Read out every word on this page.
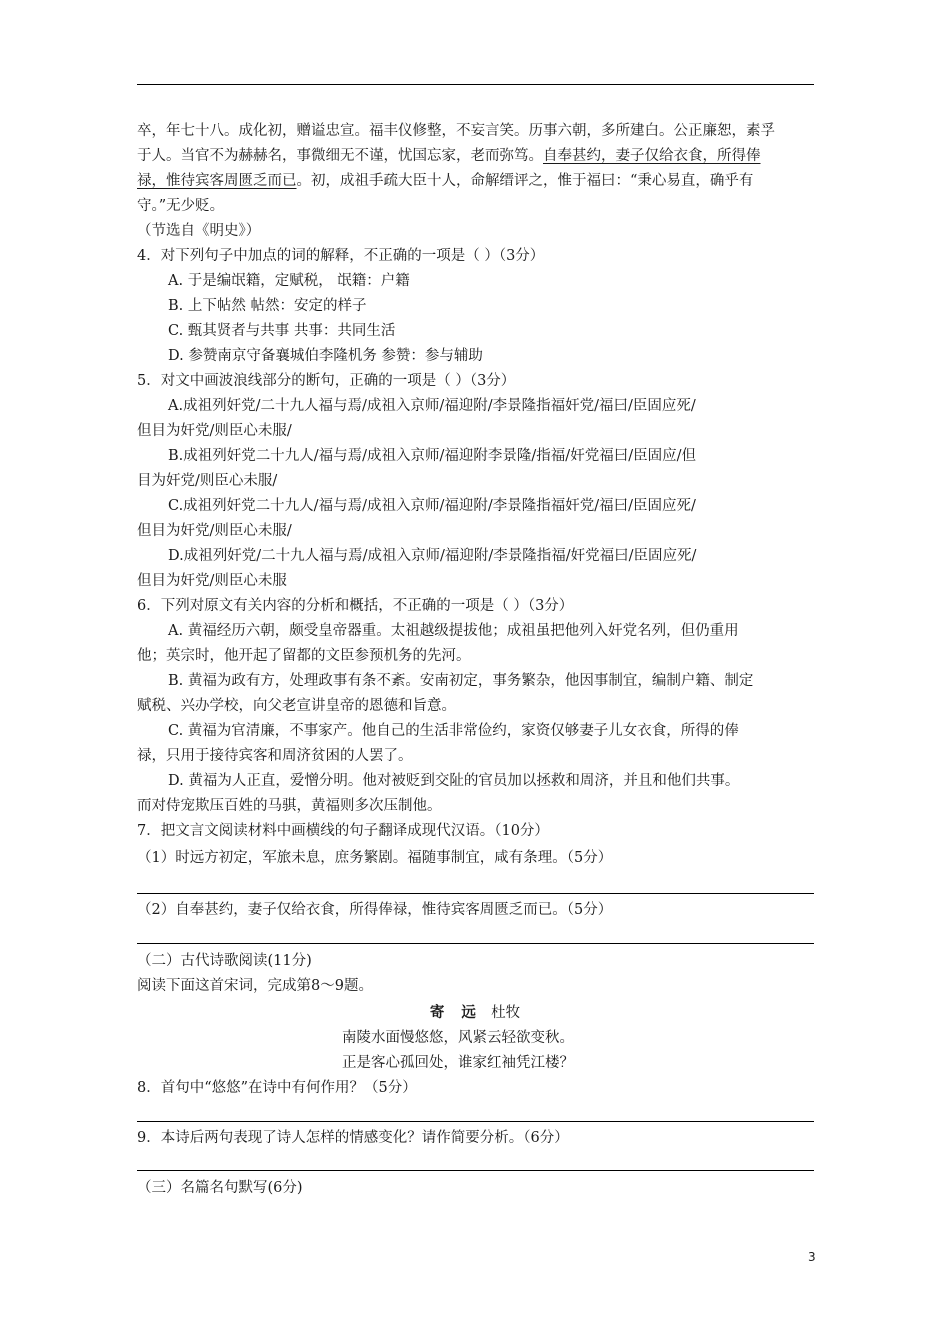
卒，年七十八。成化初，赠谥忠宣。福丰仪修整，不妄言笑。历事六朝，多所建白。公正廉恕，素孚
于人。当官不为赫赫名，事微细无不谨，忧国忘家，老而弥笃。自奉甚约，妻子仅给衣食，所得俸
禄，惟待宾客周匮乏而已。初，成祖手疏大臣十人，命解缙评之，惟于福曰：“秉心易直，确乎有
守。”无少贬。
（节选自《明史》）
4．对下列句子中加点的词的解释，不正确的一项是（ ）（3分）
A. 于是编氓籍，定赋税， 氓籍：户籍
B. 上下帖然 帖然：安定的样子
C. 甄其贤者与共事 共事：共同生活
D. 参赞南京守备襄城伯李隆机务 参赞：参与辅助
5．对文中画波浪线部分的断句，正确的一项是（ ）（3分）
A.成祖列奸党/二十九人福与焉/成祖入京师/福迎附/李景隆指福奸党/福曰/臣固应死/
但目为奸党/则臣心未服/
B.成祖列奸党二十九人/福与焉/成祖入京师/福迎附李景隆/指福/奸党福曰/臣固应/但
目为奸党/则臣心未服/
C.成祖列奸党二十九人/福与焉/成祖入京师/福迎附/李景隆指福奸党/福曰/臣固应死/
但目为奸党/则臣心未服/
D.成祖列奸党/二十九人福与焉/成祖入京师/福迎附/李景隆指福/奸党福曰/臣固应死/
但目为奸党/则臣心未服
6．下列对原文有关内容的分析和概括，不正确的一项是（ ）（3分）
A. 黄福经历六朝，颇受皇帝器重。太祖越级提拔他；成祖虽把他列入奸党名列，但仍重用
他；英宗时，他开起了留都的文臣参预机务的先河。
B. 黄福为政有方，处理政事有条不紊。安南初定，事务繁杂，他因事制宜，编制户籍、制定
赋税、兴办学校，向父老宣讲皇帝的恩德和旨意。
C. 黄福为官清廉，不事家产。他自己的生活非常俭约，家资仅够妻子儿女衣食，所得的俸
禄，只用于接待宾客和周济贫困的人罢了。
D. 黄福为人正直，爱憎分明。他对被贬到交阯的官员加以拯救和周济，并且和他们共事。
而对侍宠欺压百姓的马骐，黄福则多次压制他。
7．把文言文阅读材料中画横线的句子翻译成现代汉语。（10分）
（1）时远方初定，军旅未息，庶务繁剧。福随事制宜，咸有条理。（5分）
（2）自奉甚约，妻子仅给衣食，所得俸禄，惟待宾客周匮乏而已。（5分）
（二）古代诗歌阅读(11分)
阅读下面这首宋词，完成第8～9题。
寄 远 杜牧
南陵水面慢悠悠，风紧云轻欲变秋。
正是客心孤回处，谁家红袖凭江楼？
8．首句中“悠悠”在诗中有何作用？（5分）
9．本诗后两句表现了诗人怎样的情感变化？请作简要分析。（6分）
（三）名篇名句默写(6分)
3
